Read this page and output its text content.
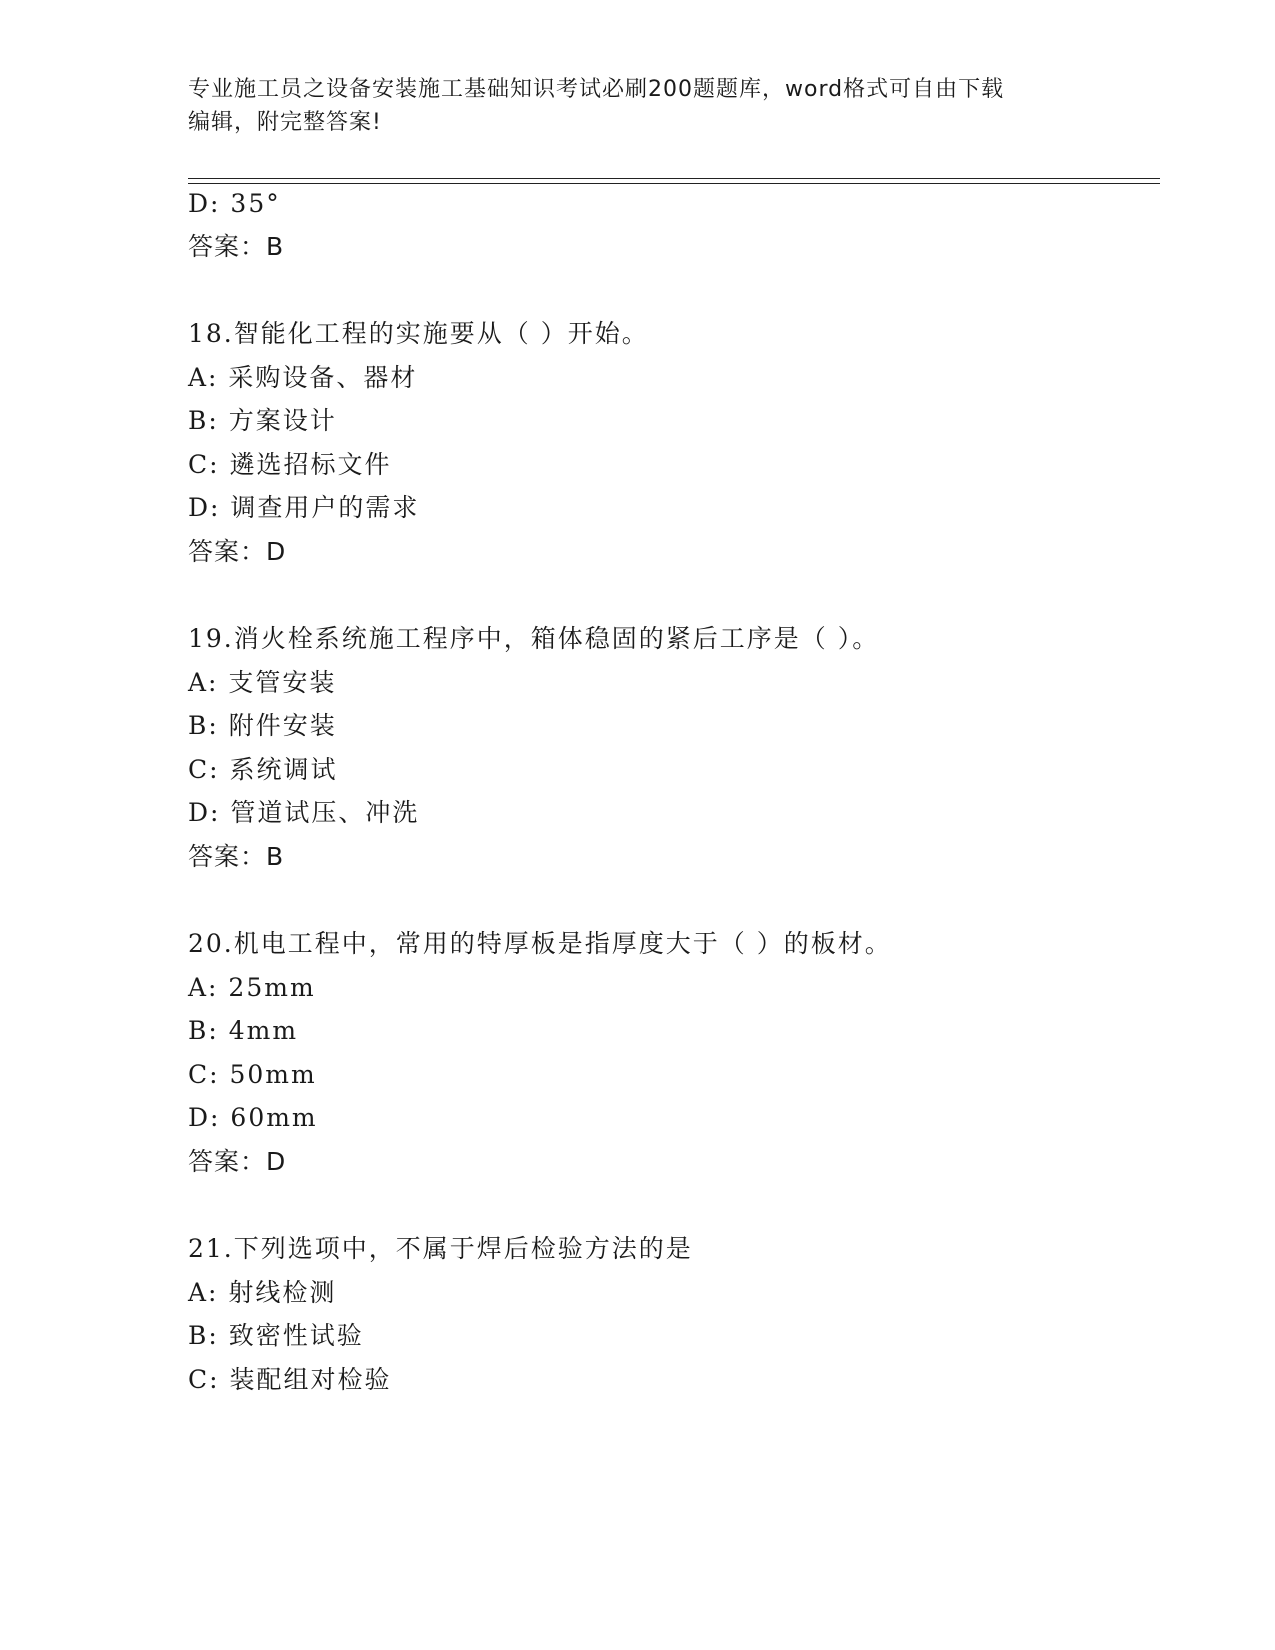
专业施工员之设备安装施工基础知识考试必刷200题题库，word格式可自由下载
编辑，附完整答案!
D: 35°
答案：B
18.智能化工程的实施要从（ ）开始。
A: 采购设备、器材
B: 方案设计
C: 遴选招标文件
D: 调查用户的需求
答案：D
19.消火栓系统施工程序中，箱体稳固的紧后工序是（ ）。
A: 支管安装
B: 附件安装
C: 系统调试
D: 管道试压、冲洗
答案：B
20.机电工程中，常用的特厚板是指厚度大于（ ）的板材。
A: 25mm
B: 4mm
C: 50mm
D: 60mm
答案：D
21.下列选项中，不属于焊后检验方法的是
A: 射线检测
B: 致密性试验
C: 装配组对检验
